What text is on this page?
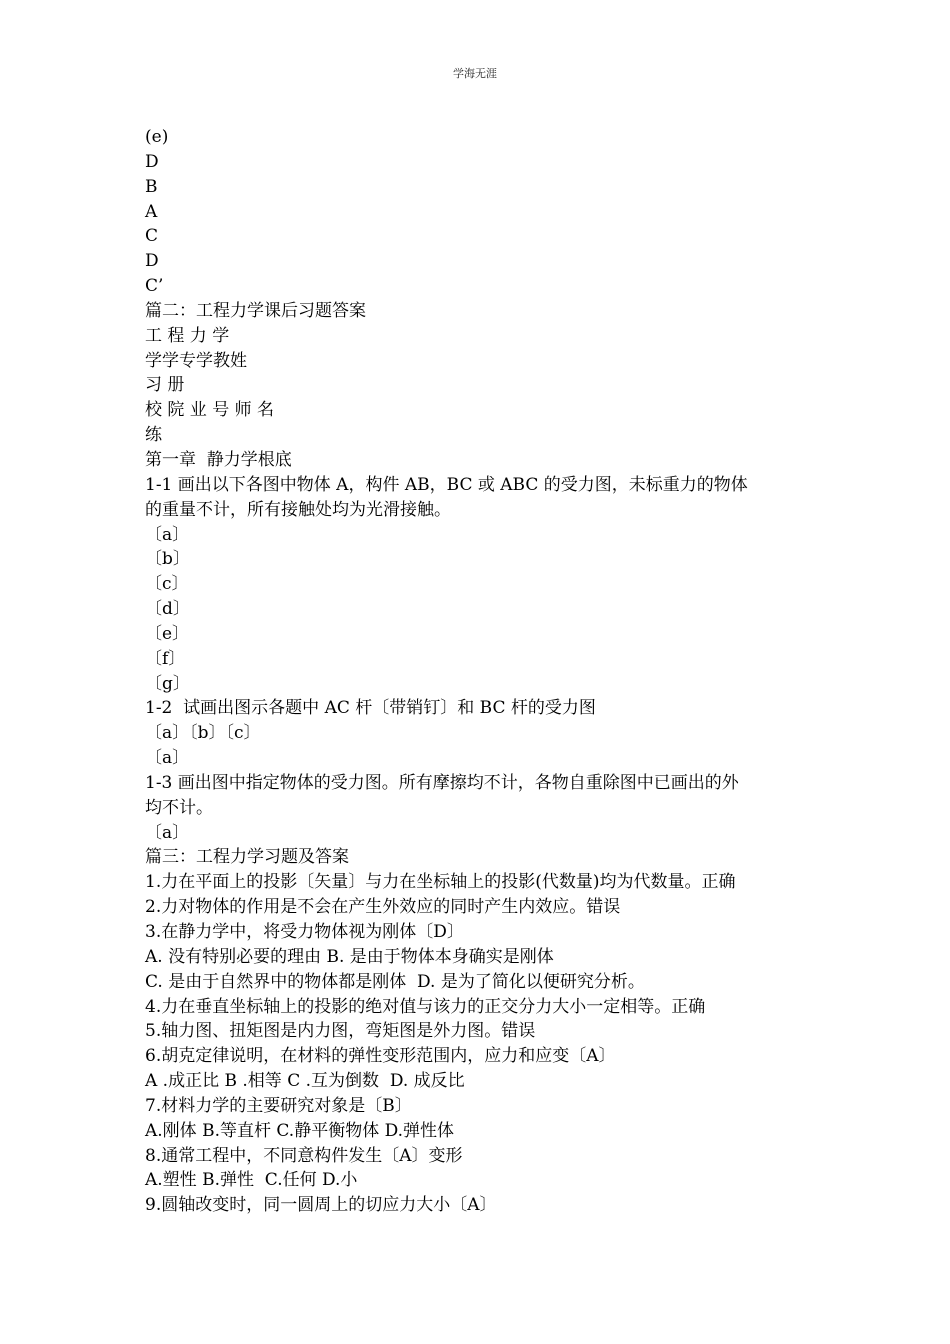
学海无涯
(e)
D
B
A
C
D
C’
篇二：工程力学课后习题答案
工 程 力 学
学学专学教姓
习 册
校 院 业 号 师 名
练
第一章  静力学根底
1-1 画出以下各图中物体 A，构件 AB，BC 或 ABC 的受力图，未标重力的物体
的重量不计，所有接触处均为光滑接触。
〔a〕
〔b〕
〔c〕
〔d〕
〔e〕
〔f〕
〔g〕
1-2  试画出图示各题中 AC 杆〔带销钉〕和 BC 杆的受力图
〔a〕〔b〕〔c〕
〔a〕
1-3 画出图中指定物体的受力图。所有摩擦均不计，各物自重除图中已画出的外
均不计。
〔a〕
篇三：工程力学习题及答案
1.力在平面上的投影〔矢量〕与力在坐标轴上的投影(代数量)均为代数量。正确
2.力对物体的作用是不会在产生外效应的同时产生内效应。错误
3.在静力学中，将受力物体视为刚体〔D〕
A. 没有特别必要的理由 B. 是由于物体本身确实是刚体
C. 是由于自然界中的物体都是刚体  D. 是为了简化以便研究分析。
4.力在垂直坐标轴上的投影的绝对值与该力的正交分力大小一定相等。正确
5.轴力图、扭矩图是内力图，弯矩图是外力图。错误
6.胡克定律说明，在材料的弹性变形范围内，应力和应变〔A〕
A .成正比 B .相等 C .互为倒数  D. 成反比
7.材料力学的主要研究对象是〔B〕
A.刚体 B.等直杆 C.静平衡物体 D.弹性体
8.通常工程中，不同意构件发生〔A〕变形
A.塑性 B.弹性  C.任何 D.小
9.圆轴改变时，同一圆周上的切应力大小〔A〕
